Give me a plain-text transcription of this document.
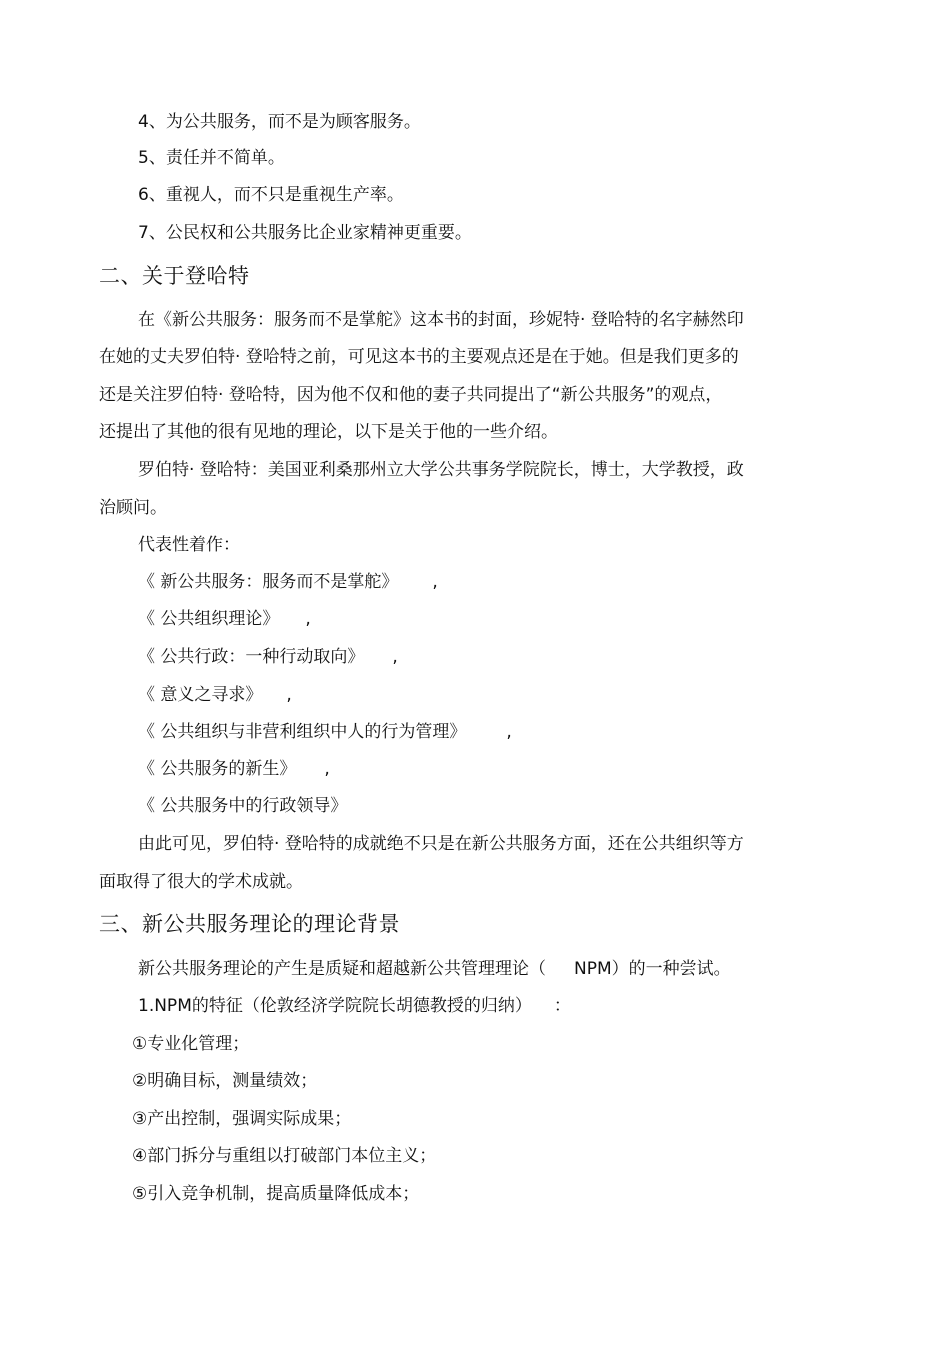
4、为公共服务，而不是为顾客服务。
5、责任并不简单。
6、重视人，而不只是重视生产率。
7、公民权和公共服务比企业家精神更重要。
二、关于登哈特
在《新公共服务：服务而不是掌舵》这本书的封面，珍妮特· 登哈特的名字赫然印
在她的丈夫罗伯特· 登哈特之前，可见这本书的主要观点还是在于她。但是我们更多的
还是关注罗伯特· 登哈特，因为他不仅和他的妻子共同提出了“新公共服务”的观点，
还提出了其他的很有见地的理论，以下是关于他的一些介绍。
罗伯特· 登哈特：美国亚利桑那州立大学公共事务学院院长，博士，大学教授，政
治顾问。
代表性着作：
《 新公共服务：服务而不是掌舵》 ,
《 公共组织理论》 ,
《 公共行政：一种行动取向》 ,
《 意义之寻求》 ,
《 公共组织与非营利组织中人的行为管理》 ,
《 公共服务的新生》 ,
《 公共服务中的行政领导》
由此可见，罗伯特· 登哈特的成就绝不只是在新公共服务方面，还在公共组织等方
面取得了很大的学术成就。
三、新公共服务理论的理论背景
新公共服务理论的产生是质疑和超越新公共管理理论（ NPM）的一种尝试。
1.NPM的特征（伦敦经济学院院长胡德教授的归纳） ：
①专业化管理；
②明确目标，测量绩效；
③产出控制，强调实际成果；
④部门拆分与重组以打破部门本位主义；
⑤引入竞争机制，提高质量降低成本；
